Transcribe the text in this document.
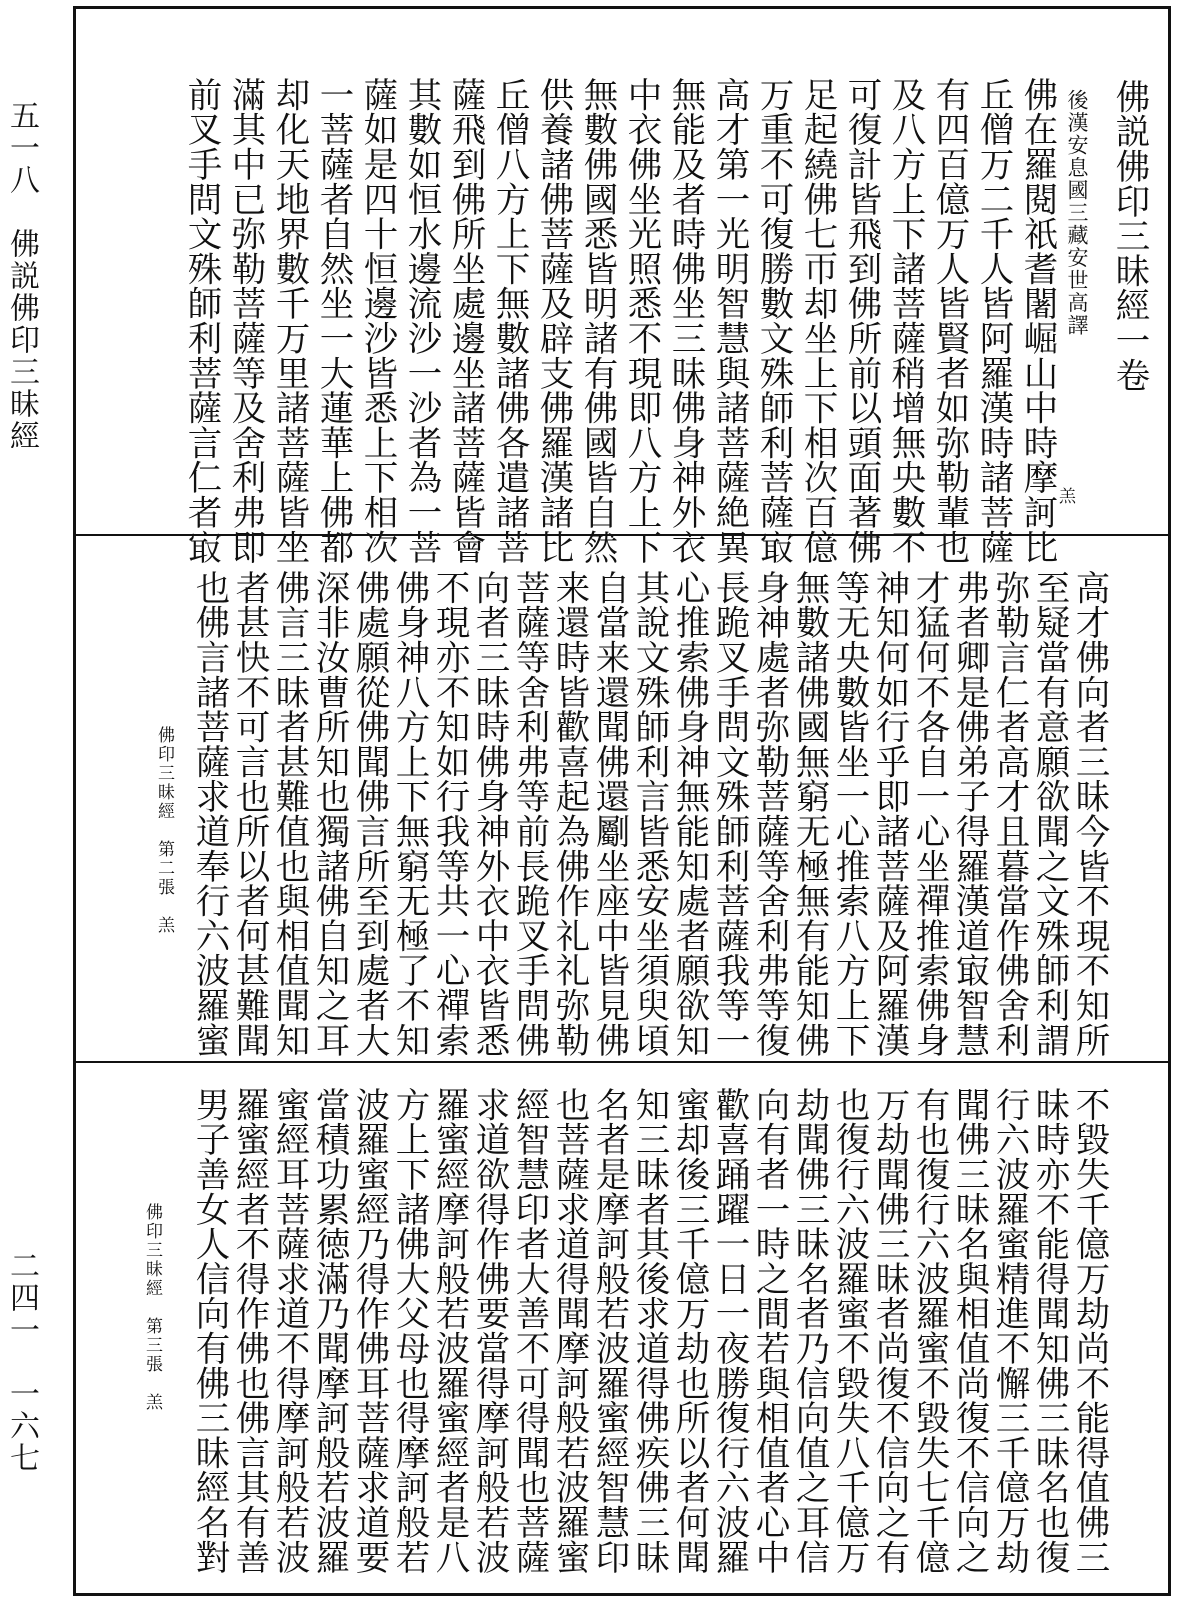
五一八　佛説佛印三昧經
二四一　一六七
佛説佛印三昧經一卷
後漢安息國三藏安世高譯
佛在羅閱祇耆闍崛山中時摩訶比
丘僧万二千人皆阿羅漢時諸菩薩
有四百億万人皆賢者如弥勒輩也
及八方上下諸菩薩稍增無央數不
可復計皆飛到佛所前以頭面著佛
足起繞佛七帀却坐上下相次百億
万重不可復勝數文殊師利菩薩㝡
高才第一光明智慧與諸菩薩絶異
無能及者時佛坐三昧佛身神外衣
中衣佛坐光照悉不現即八方上下
無數佛國悉皆明諸有佛國皆自然
供養諸佛菩薩及辟支佛羅漢諸比
丘僧八方上下無數諸佛各遣諸菩
薩飛到佛所坐處邊坐諸菩薩皆會
其數如恒水邊流沙一沙者為一菩
薩如是四十恒邊沙皆悉上下相次
一菩薩者自然坐一大蓮華上佛都
却化天地界數千万里諸菩薩皆坐
滿其中已弥勒菩薩等及舍利弗即
前叉手問文殊師利菩薩言仁者㝡	羔
高才佛向者三昧今皆不現不知所
至疑當有意願欲聞之文殊師利謂
弥勒言仁者高才且暮當作佛舍利
弗者卿是佛弟子得羅漢道㝡智慧
才猛何不各自一心坐禪推索佛身
神知何如行乎即諸菩薩及阿羅漢
等无央數皆坐一心推索八方上下
無數諸佛國無窮无極無有能知佛
身神處者弥勒菩薩等舍利弗等復
長跪叉手問文殊師利菩薩我等一
心推索佛身神無能知處者願欲知
其說文殊師利言皆悉安坐須臾頃
自當来還聞佛還劚坐座中皆見佛
来還時皆歡喜起為佛作礼礼弥勒
菩薩等舍利弗等前長跪叉手問佛
向者三昧時佛身神外衣中衣皆悉
不現亦不知如行我等共一心禪索
佛身神八方上下無窮无極了不知
佛處願從佛聞佛言所至到處者大
深非汝曹所知也獨諸佛自知之耳
佛言三昧者甚難值也與相值聞知
者甚快不可言也所以者何甚難聞
也佛言諸菩薩求道奉行六波羅蜜
佛印三昧經　第二張　羔
不毀失千億万劫尚不能得值佛三
昧時亦不能得聞知佛三昧名也復
行六波羅蜜精進不懈三千億万劫
聞佛三昧名與相值尚復不信向之
有也復行六波羅蜜不毀失七千億
万劫聞佛三昧者尚復不信向之有
也復行六波羅蜜不毀失八千億万
劫聞佛三昧名者乃信向值之耳信
向有者一時之間若與相值者心中
歡喜踊躍一日一夜勝復行六波羅
蜜却後三千億万劫也所以者何聞
知三昧者其後求道得佛疾佛三昧
名者是摩訶般若波羅蜜經智慧印
也菩薩求道得聞摩訶般若波羅蜜
經智慧印者大善不可得聞也菩薩
求道欲得作佛要當得摩訶般若波
羅蜜經摩訶般若波羅蜜經者是八
方上下諸佛大父母也得摩訶般若
波羅蜜經乃得作佛耳菩薩求道要
當積功累徳滿乃聞摩訶般若波羅
蜜經耳菩薩求道不得摩訶般若波
羅蜜經者不得作佛也佛言其有善
男子善女人信向有佛三昧經名對
佛印三昧經　第三張　羔
